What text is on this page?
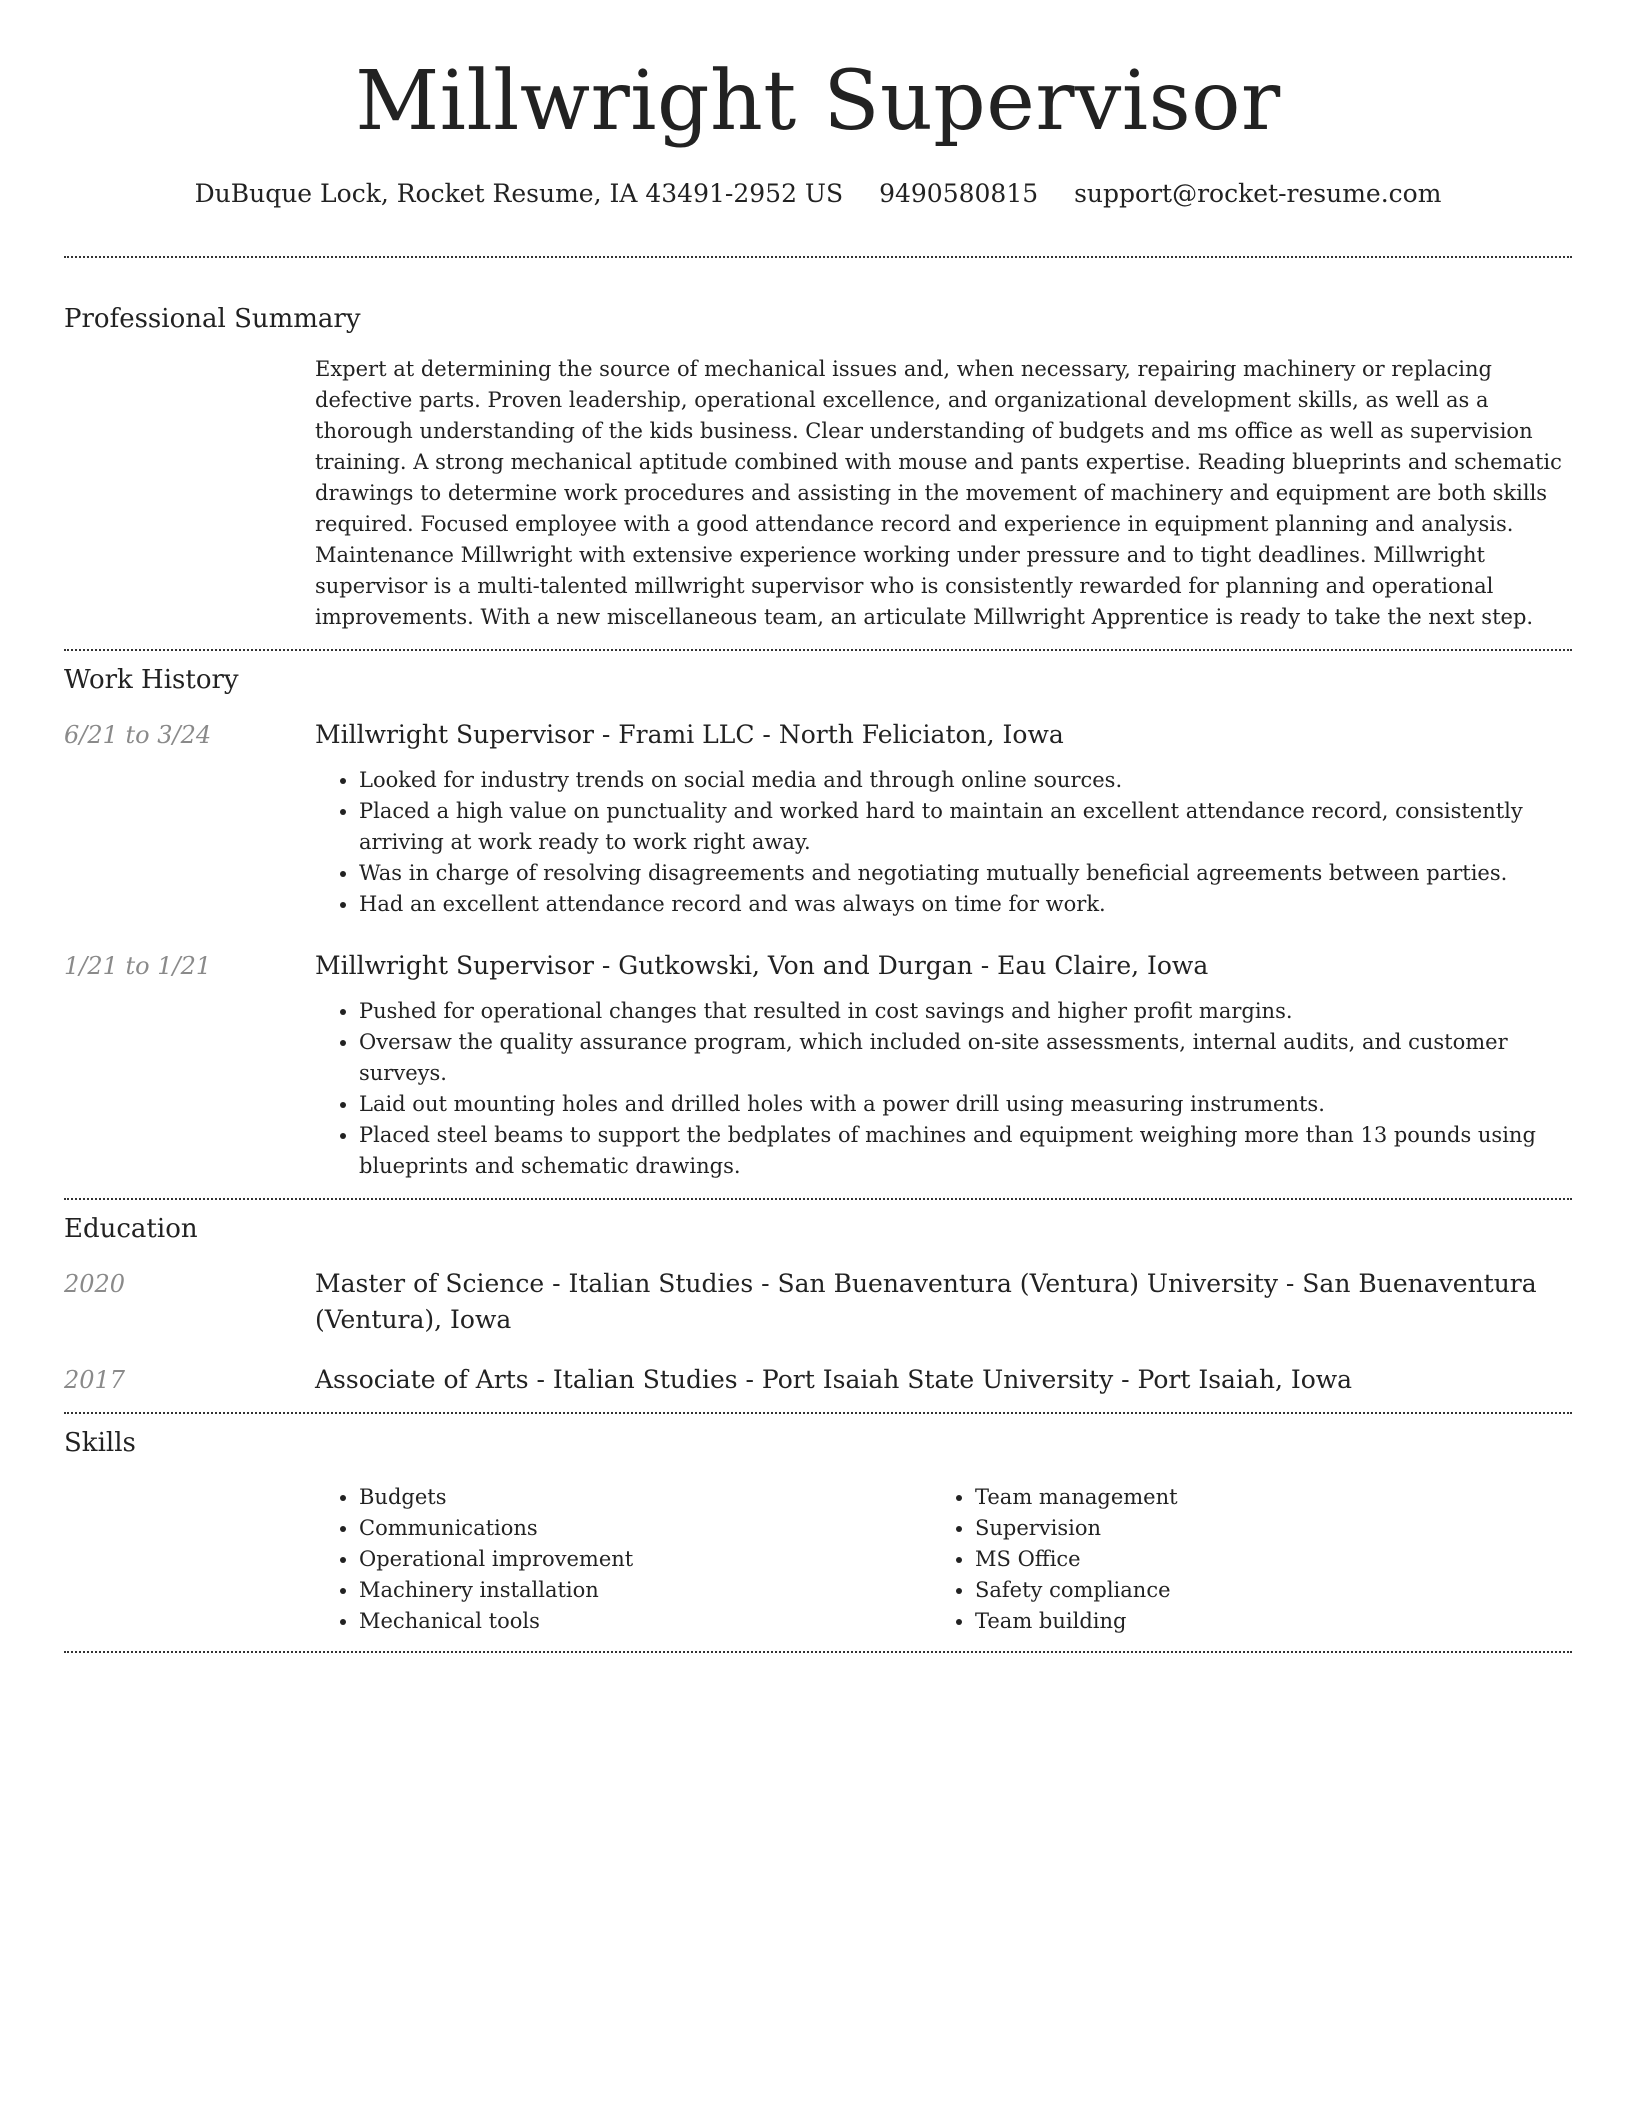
Millwright Supervisor
DuBuque Lock, Rocket Resume, IA 43491-2952 US 9490580815 support@rocket-resume.com
Professional Summary
Expert at determining the source of mechanical issues and, when necessary, repairing machinery or replacing defective parts. Proven leadership, operational excellence, and organizational development skills, as well as a thorough understanding of the kids business. Clear understanding of budgets and ms office as well as supervision training. A strong mechanical aptitude combined with mouse and pants expertise. Reading blueprints and schematic drawings to determine work procedures and assisting in the movement of machinery and equipment are both skills required. Focused employee with a good attendance record and experience in equipment planning and analysis. Maintenance Millwright with extensive experience working under pressure and to tight deadlines. Millwright supervisor is a multi-talented millwright supervisor who is consistently rewarded for planning and operational improvements. With a new miscellaneous team, an articulate Millwright Apprentice is ready to take the next step.
Work History
6/21 to 3/24	Millwright Supervisor - Frami LLC - North Feliciaton, Iowa
• Looked for industry trends on social media and through online sources.
• Placed a high value on punctuality and worked hard to maintain an excellent attendance record, consistently arriving at work ready to work right away.
• Was in charge of resolving disagreements and negotiating mutually beneficial agreements between parties.
• Had an excellent attendance record and was always on time for work.
1/21 to 1/21	Millwright Supervisor - Gutkowski, Von and Durgan - Eau Claire, Iowa
• Pushed for operational changes that resulted in cost savings and higher profit margins.
• Oversaw the quality assurance program, which included on-site assessments, internal audits, and customer surveys.
• Laid out mounting holes and drilled holes with a power drill using measuring instruments.
• Placed steel beams to support the bedplates of machines and equipment weighing more than 13 pounds using blueprints and schematic drawings.
Education
2020	Master of Science - Italian Studies - San Buenaventura (Ventura) University - San Buenaventura (Ventura), Iowa
2017	Associate of Arts - Italian Studies - Port Isaiah State University - Port Isaiah, Iowa
Skills
• Budgets
• Communications
• Operational improvement
• Machinery installation
• Mechanical tools
• Team management
• Supervision
• MS Office
• Safety compliance
• Team building
